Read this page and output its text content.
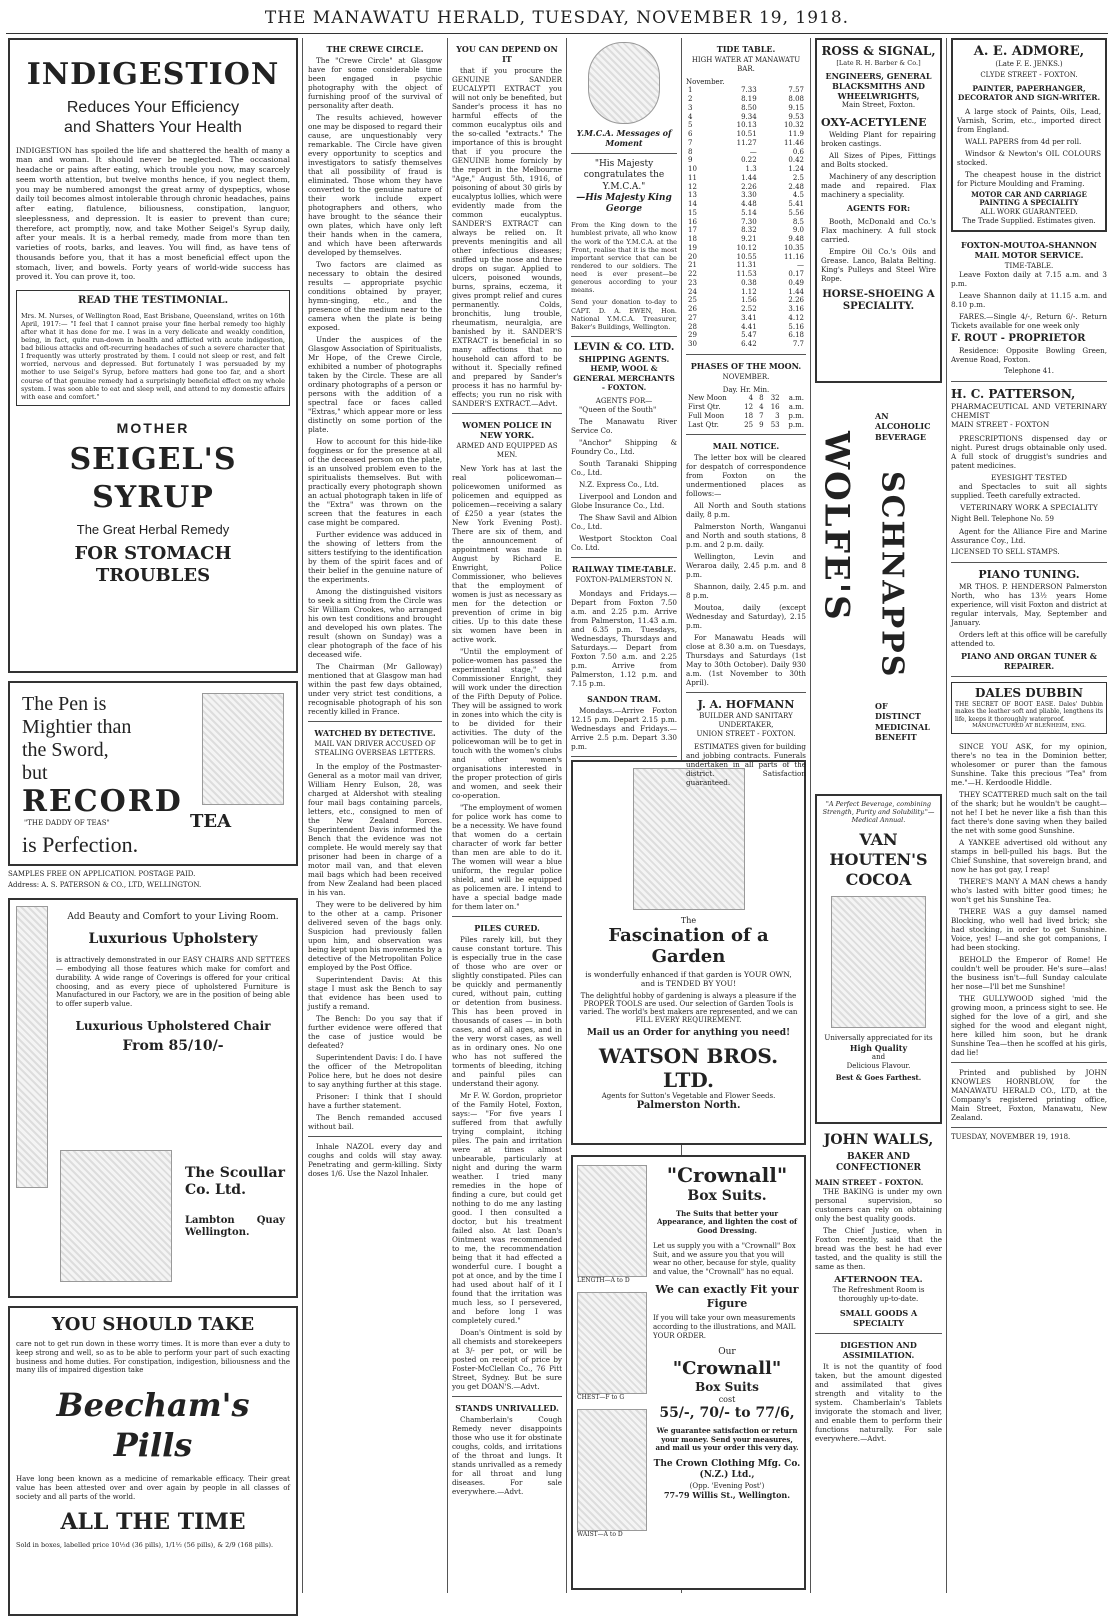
THE MANAWATU HERALD, TUESDAY, NOVEMBER 19, 1918.
INDIGESTION
Reduces Your Efficiency
and Shatters Your Health
INDIGESTION has spoiled the life and shattered the health of many a man and woman. It should never be neglected. The occasional headache or pains after eating, which trouble you now, may scarcely seem worth attention, but twelve months hence, if you neglect them, you may be numbered amongst the great army of dyspeptics, whose daily toil becomes almost intolerable through chronic headaches, pains after eating, flatulence, biliousness, constipation, languor, sleeplessness, and depression. It is easier to prevent than cure; therefore, act promptly, now, and take Mother Seigel's Syrup daily, after your meals. It is a herbal remedy, made from more than ten varieties of roots, barks, and leaves. You will find, as have tens of thousands before you, that it has a most beneficial effect upon the stomach, liver, and bowels. Forty years of world-wide success has proved it. You can prove it, too.
READ THE TESTIMONIAL.
Mrs. M. Nurses, of Wellington Road, East Brisbane, Queensland, writes on 16th April, 1917:— "I feel that I cannot praise your fine herbal remedy too highly after what it has done for me. I was in a very delicate and weakly condition, being, in fact, quite run-down in health and afflicted with acute indigestion, bad bilious attacks and oft-recurring headaches of such a severe character that I frequently was utterly prostrated by them. I could not sleep or rest, and felt worried, nervous and depressed. But fortunately I was persuaded by my mother to use Seigel's Syrup, before matters had gone too far, and a short course of that genuine remedy had a surprisingly beneficial effect on my whole system. I was soon able to eat and sleep well, and attend to my domestic affairs with ease and comfort."
MOTHER
SEIGEL'S SYRUP
The Great Herbal Remedy
FOR STOMACH TROUBLES
The Pen is
Mightier than
the Sword,
but
RECORD
"THE DADDY OF TEAS"	TEA
is Perfection.
SAMPLES FREE ON APPLICATION. POSTAGE PAID.
Address: A. S. PATERSON & CO., LTD, WELLINGTON.
Add Beauty and Comfort to your Living Room.
Luxurious Upholstery
is attractively demonstrated in our EASY CHAIRS AND SETTEES — embodying all those features which make for comfort and durability. A wide range of Coverings is offered for your critical choosing, and as every piece of upholstered Furniture is Manufactured in our Factory, we are in the position of being able to offer superb value.
Luxurious Upholstered Chair
From 85/10/-
The Scoullar Co. Ltd.
Lambton Quay Wellington.
YOU SHOULD TAKE
care not to get run down in these worry times. It is more than ever a duty to keep strong and well, so as to be able to perform your part of such exacting business and home duties. For constipation, indigestion, biliousness and the many ills of impaired digestion take
Beecham's Pills
Have long been known as a medicine of remarkable efficacy. Their great value has been attested over and over again by people in all classes of society and all parts of the world.
ALL THE TIME
Sold in boxes, labelled price 10½d (36 pills), 1/1½ (56 pills), & 2/9 (168 pills).
THE CREWE CIRCLE.

The "Crewe Circle" at Glasgow have for some considerable time been engaged in psychic photography with the object of furnishing proof of the survival of personality after death.

The results achieved, however one may be disposed to regard their cause, are unquestionably very remarkable. The Circle have given every opportunity to sceptics and investigators to satisfy themselves that all possibility of fraud is eliminated. Those whom they have converted to the genuine nature of their work include expert photographers and others, who have brought to the séance their own plates, which have only left their hands when in the camera, and which have been afterwards developed by themselves.

Two factors are claimed as necessary to obtain the desired results — appropriate psychic conditions obtained by prayer, hymn-singing, etc., and the presence of the medium near to the camera when the plate is being exposed.

Under the auspices of the Glasgow Association of Spiritualists, Mr Hope, of the Crewe Circle, exhibited a number of photographs taken by the Circle. These are all ordinary photographs of a person or persons with the addition of a spectral face or faces called "Extras," which appear more or less distinctly on some portion of the plate.

How to account for this hide-like fogginess or for the presence at all of the deceased person on the plate, is an unsolved problem even to the spiritualists themselves. But with practically every photograph shown an actual photograph taken in life of the "Extra" was thrown on the screen that the features in each case might be compared.

Further evidence was adduced in the showing of letters from the sitters testifying to the identification by them of the spirit faces and of their belief in the genuine nature of the experiments.

Among the distinguished visitors to seek a sitting from the Circle was Sir William Crookes, who arranged his own test conditions and brought and developed his own plates. The result (shown on Sunday) was a clear photograph of the face of his deceased wife.

The Chairman (Mr Galloway) mentioned that at Glasgow man had within the past few days obtained, under very strict test conditions, a recognisable photograph of his son recently killed in France.

WATCHED BY DETECTIVE.
MAIL VAN DRIVER ACCUSED OF STEALING OVERSEAS LETTERS.

In the employ of the Postmaster-General as a motor mail van driver, William Henry Eulson, 28, was charged at Aldershot with stealing four mail bags containing parcels, letters, etc., consigned to men of the New Zealand Forces. Superintendent Davis informed the Bench that the evidence was not complete. He would merely say that prisoner had been in charge of a motor mail van, and that eleven mail bags which had been received from New Zealand had been placed in his van.

They were to be delivered by him to the other at a camp. Prisoner delivered seven of the bags only. Suspicion had previously fallen upon him, and observation was being kept upon his movements by a detective of the Metropolitan Police employed by the Post Office.

Superintendent Davis: At this stage I must ask the Bench to say that evidence has been used to justify a remand.

The Bench: Do you say that if further evidence were offered that the case of justice would be defeated?

Superintendent Davis: I do. I have the officer of the Metropolitan Police here, but he does not desire to say anything further at this stage.

Prisoner: I think that I should have a further statement.

The Bench remanded accused without bail.

Inhale NAZOL every day and coughs and colds will stay away. Penetrating and germ-killing. Sixty doses 1/6. Use the Nazol Inhaler.

YOU CAN DEPEND ON IT

that if you procure the GENUINE SANDER EUCALYPTI EXTRACT you will not only be benefited, but Sander's process it has no harmful effects of the common eucalyptus oils and the so-called "extracts." The importance of this is brought that if you procure the GENUINE home fornicly by the report in the Melbourne "Age," August 5th, 1916, of poisoning of about 30 girls by eucalyptus lollies, which were evidently made from the common eucalyptus. SANDER'S EXTRACT can always be relied on. It prevents meningitis and all other infectious diseases; sniffed up the nose and three drops on sugar. Applied to ulcers, poisoned wounds, burns, sprains, eczema, it gives prompt relief and cures permanently. Colds, bronchitis, lung trouble, rheumatism, neuralgia, are banished by it. SANDER'S EXTRACT is beneficial in so many affections that no household can afford to be without it. Specially refined and prepared by Sander's process it has no harmful by-effects; you run no risk with SANDER'S EXTRACT.—Advt.

WOMEN POLICE IN NEW YORK.
ARMED AND EQUIPPED AS MEN.

New York has at last the real policewoman—policewomen uniformed as policemen and equipped as policemen—receiving a salary of £250 a year (states the New York Evening Post). There are six of them, and the announcement of appointment was made in August by Richard E. Enwright, Police Commissioner, who believes that the employment of women is just as necessary as men for the detection or prevention of crime in big cities. Up to this date these six women have been in active work.

"Until the employment of police-women has passed the experimental stage," said Commissioner Enright, they will work under the direction of the Fifth Deputy of Police. They will be assigned to work in zones into which the city is to be divided for their activities. The duty of the policewoman will be to get in touch with the women's clubs and other women's organisations interested in the proper protection of girls and women, and seek their co-operation.

"The employment of women for police work has come to be a necessity. We have found that women do a certain character of work far better than men are able to do it. The women will wear a blue uniform, the regular police shield, and will be equipped as policemen are. I intend to have a special badge made for them later on."

PILES CURED.

Piles rarely kill, but they cause constant torture. This is especially true in the case of those who are over or slightly constipated. Piles can be quickly and permanently cured, without pain, cutting or detention from business. This has been proved in thousands of cases — in both cases, and of all ages, and in the very worst cases, as well as in ordinary ones. No one who has not suffered the torments of bleeding, itching and painful piles can understand their agony.

Mr F. W. Gordon, proprietor of the Family Hotel, Foxton, says:— "For five years I suffered from that awfully trying complaint, itching piles. The pain and irritation were at times almost unbearable, particularly at night and during the warm weather. I tried many remedies in the hope of finding a cure, but could get nothing to do me any lasting good. I then consulted a doctor, but his treatment failed also. At last Doan's Ointment was recommended to me, the recommendation being that it had effected a wonderful cure. I bought a pot at once, and by the time I had used about half of it I found that the irritation was much less, so I persevered, and before long I was completely cured."

Doan's Ointment is sold by all chemists and storekeepers at 3/- per pot, or will be posted on receipt of price by Foster-McClellan Co., 76 Pitt Street, Sydney. But be sure you get DOAN'S.—Advt.

STANDS UNRIVALLED.

Chamberlain's Cough Remedy never disappoints those who use it for obstinate coughs, colds, and irritations of the throat and lungs. It stands unrivalled as a remedy for all throat and lung diseases. For sale everywhere.—Advt.

Y.M.C.A. Messages of Moment
"His Majesty congratulates the Y.M.C.A."
—His Majesty King George
From the King down to the humblest private, all who know the work of the Y.M.C.A. at the Front, realise that it is the most important service that can be rendered to our soldiers. The need is ever present—be generous according to your means.
Send your donation to-day to CAPT. D. A. EWEN, Hon. National Y.M.C.A. Treasurer, Baker's Buildings, Wellington.
LEVIN & CO. LTD.
SHIPPING AGENTS.
HEMP, WOOL & GENERAL MERCHANTS - FOXTON.
AGENTS FOR—

"Queen of the South"

The Manawatu River Service Co.

"Anchor" Shipping & Foundry Co., Ltd.

South Taranaki Shipping Co., Ltd.

N.Z. Express Co., Ltd.

Liverpool and London and Globe Insurance Co., Ltd.

The Shaw Savil and Albion Co., Ltd.

Westport Stockton Coal Co. Ltd.

RAILWAY TIME-TABLE.
FOXTON-PALMERSTON N.

Mondays and Fridays.— Depart from Foxton 7.50 a.m. and 2.25 p.m. Arrive from Palmerston, 11.43 a.m. and 6.35 p.m. Tuesdays, Wednesdays, Thursdays and Saturdays.— Depart from Foxton 7.50 a.m. and 2.25 p.m. Arrive from Palmerston, 1.12 p.m. and 7.15 p.m.

SANDON TRAM.

Mondays.—Arrive Foxton 12.15 p.m. Depart 2.15 p.m. Wednesdays and Fridays.—Arrive 2.5 p.m. Depart 3.30 p.m.

The
Fascination of a Garden
is wonderfully enhanced if that garden is YOUR OWN, and is TENDED BY YOU!
The delightful hobby of gardening is always a pleasure if the PROPER TOOLS are used. Our selection of Garden Tools is varied. The world's best makers are represented, and we can FILL EVERY REQUIREMENT.
Mail us an Order for anything you need!
WATSON BROS. LTD.
Agents for Sutton's Vegetable and Flower Seeds.
Palmerston North.
LENGTH—A to D
CHEST—F to G
WAIST—A to D
"Crownall"
Box Suits.
The Suits that better your Appearance, and lighten the cost of Good Dressing.
Let us supply you with a "Crownall" Box Suit, and we assure you that you will wear no other, because for style, quality and value, the "Crownall" has no equal.
We can exactly Fit your Figure
If you will take your own measurements according to the illustrations, and MAIL YOUR ORDER.
Our
"Crownall"
Box Suits
cost
55/-, 70/- to 77/6,
We guarantee satisfaction or return your money. Send your measures, and mail us your order this very day.
The Crown Clothing Mfg. Co. (N.Z.) Ltd.,
(Opp. 'Evening Post')
77-79 Willis St., Wellington.
TIDE TABLE.
HIGH WATER AT MANAWATU BAR.
November.
1	7.33	7.57
2	8.19	8.08
3	8.50	9.15
4	9.34	9.53
5	10.13	10.32
6	10.51	11.9
7	11.27	11.46
8	—	0.6
9	0.22	0.42
10	1.3	1.24
11	1.44	2.5
12	2.26	2.48
13	3.30	4.5
14	4.48	5.41
15	5.14	5.56
16	7.30	8.5
17	8.32	9.0
18	9.21	9.48
19	10.12	10.35
20	10.55	11.16
21	11.31	—
22	11.53	0.17
23	0.38	0.49
24	1.12	1.44
25	1.56	2.26
26	2.52	3.16
27	3.41	4.12
28	4.41	5.16
29	5.47	6.18
30	6.42	7.7
PHASES OF THE MOON.
NOVEMBER.
Day. Hr. Min.
New Moon	4	8	32	a.m.
First Qtr.	12	4	16	a.m.
Full Moon	18	7	3	p.m.
Last Qtr.	25	9	53	p.m.
MAIL NOTICE.

The letter box will be cleared for despatch of correspondence from Foxton on the undermentioned places as follows:—

All North and South stations daily, 8 p.m.

Palmerston North, Wanganui and North and south stations, 8 p.m. and 2 p.m. daily.

Wellington, Levin and Weraroa daily, 2.45 p.m. and 8 p.m.

Shannon, daily, 2.45 p.m. and 8 p.m.

Moutoa, daily (except Wednesday and Saturday), 2.15 p.m.

For Manawatu Heads will close at 8.30 a.m. on Tuesdays, Thursdays and Saturdays (1st May to 30th October). Daily 930 a.m. (1st November to 30th April).

J. A. HOFMANN
BUILDER AND SANITARY UNDERTAKER,
UNION STREET - FOXTON.

ESTIMATES given for building and jobbing contracts. Funerals undertaken in all parts of the district. Satisfaction guaranteed.

ROSS & SIGNAL,
[Late R. H. Barber & Co.]
ENGINEERS, GENERAL BLACKSMITHS AND WHEELWRIGHTS,
Main Street, Foxton.
OXY-ACETYLENE

Welding Plant for repairing broken castings.

All Sizes of Pipes, Fittings and Bolts stocked.

Machinery of any description made and repaired. Flax machinery a speciality.

AGENTS FOR:

Booth, McDonald and Co.'s Flax machinery. A full stock carried.

Empire Oil Co.'s Oils and Grease. Lanco, Balata Belting. King's Pulleys and Steel Wire Rope.

HORSE-SHOEING A SPECIALITY.
WOLFE'S
AN
ALCOHOLIC
BEVERAGE
SCHNAPPS
OF
DISTINCT
MEDICINAL
BENEFIT
"A Perfect Beverage, combining Strength, Purity and Solubility."—Medical Annual.
VAN
HOUTEN'S
COCOA
Universally appreciated for its
High Quality
and
Delicious Flavour.
Best & Goes Farthest.
JOHN WALLS,
BAKER AND CONFECTIONER
MAIN STREET - FOXTON.

THE BAKING is under my own personal supervision, so customers can rely on obtaining only the best quality goods.

The Chief Justice, when in Foxton recently, said that the bread was the best he had ever tasted, and the quality is still the same as then.

AFTERNOON TEA.
The Refreshment Room is thoroughly up-to-date.
SMALL GOODS A SPECIALTY
DIGESTION AND ASSIMILATION.

It is not the quantity of food taken, but the amount digested and assimilated that gives strength and vitality to the system. Chamberlain's Tablets invigorate the stomach and liver, and enable them to perform their functions naturally. For sale everywhere.—Advt.

A. E. ADMORE,
(Late F. E. JENKS.)
CLYDE STREET - FOXTON.
PAINTER, PAPERHANGER, DECORATOR AND SIGN-WRITER.

A large stock of Paints, Oils, Lead, Varnish, Scrim, etc., imported direct from England.

WALL PAPERS from 4d per roll.

Windsor & Newton's OIL COLOURS stocked.

The cheapest house in the district for Picture Moulding and Framing.

MOTOR CAR AND CARRIAGE PAINTING A SPECIALITY
ALL WORK GUARANTEED.
The Trade Supplied. Estimates given.
FOXTON-MOUTOA-SHANNON MAIL MOTOR SERVICE.
TIME-TABLE.

Leave Foxton daily at 7.15 a.m. and 3 p.m.

Leave Shannon daily at 11.15 a.m. and 8.10 p.m.

FARES.—Single 4/-, Return 6/-. Return Tickets available for one week only

F. ROUT - PROPRIETOR

Residence: Opposite Bowling Green, Avenue Road, Foxton.

Telephone 41.
H. C. PATTERSON,
PHARMACEUTICAL AND VETERINARY CHEMIST
MAIN STREET - FOXTON

PRESCRIPTIONS dispensed day or night. Purest drugs obtainable only used. A full stock of druggist's sundries and patent medicines.

EYESIGHT TESTED

and Spectacles to suit all sights supplied. Teeth carefully extracted.

VETERINARY WORK A SPECIALITY
Night Bell. Telephone No. 59

Agent for the Alliance Fire and Marine Assurance Coy., Ltd.

LICENSED TO SELL STAMPS.
PIANO TUNING.

MR THOS. P. HENDERSON Palmerston North, who has 13½ years Home experience, will visit Foxton and district at regular intervals, May, September and January.

Orders left at this office will be carefully attended to.

PIANO AND ORGAN TUNER & REPAIRER.
DALES DUBBIN
THE SECRET OF BOOT EASE. Dales' Dubbin makes the leather soft and pliable, lengthens its life, keeps it thoroughly waterproof.
MANUFACTURED AT BLENHEIM, ENG.

SINCE YOU ASK, for my opinion, there's no tea in the Dominion better, wholesomer or purer than the famous Sunshine. Take this precious "Tea" from me."—H. Kerdoodle Hiddle.

THEY SCATTERED much salt on the tail of the shark; but he wouldn't be caught—not he! I bet he never like a fish than this fact there's done saving when they bailed the net with some good Sunshine.

A YANKEE advertised old without any stamps in bell-pulled his bags. But the Chief Sunshine, that sovereign brand, and now he has got gay, I reap!

THERE'S MANY A MAN chews a handy who's lasted with bitter good times; he won't get his Sunshine Tea.

THERE WAS a guy damsel named Blocking, who well had lived brick; she had stocking, in order to get Sunshine. Voice, yes! I—and she got companions, I had been stocking.

BEHOLD the Emperor of Rome! He couldn't well be prouder. He's sure—alas! the business isn't—full Sunday calculate her nose—I'll bet me Sunshine!

THE GULLYWOOD sighed 'mid the growing moon, a princess sight to see. He sighed for the love of a girl, and she sighed for the wood and elegant night, here killed him soon, but he drank Sunshine Tea—then he scoffed at his girls, dad lie!

Printed and published by JOHN KNOWLES HORNBLOW, for the MANAWATU HERALD CO., LTD, at the Company's registered printing office, Main Street, Foxton, Manawatu, New Zealand.

TUESDAY, NOVEMBER 19, 1918.
